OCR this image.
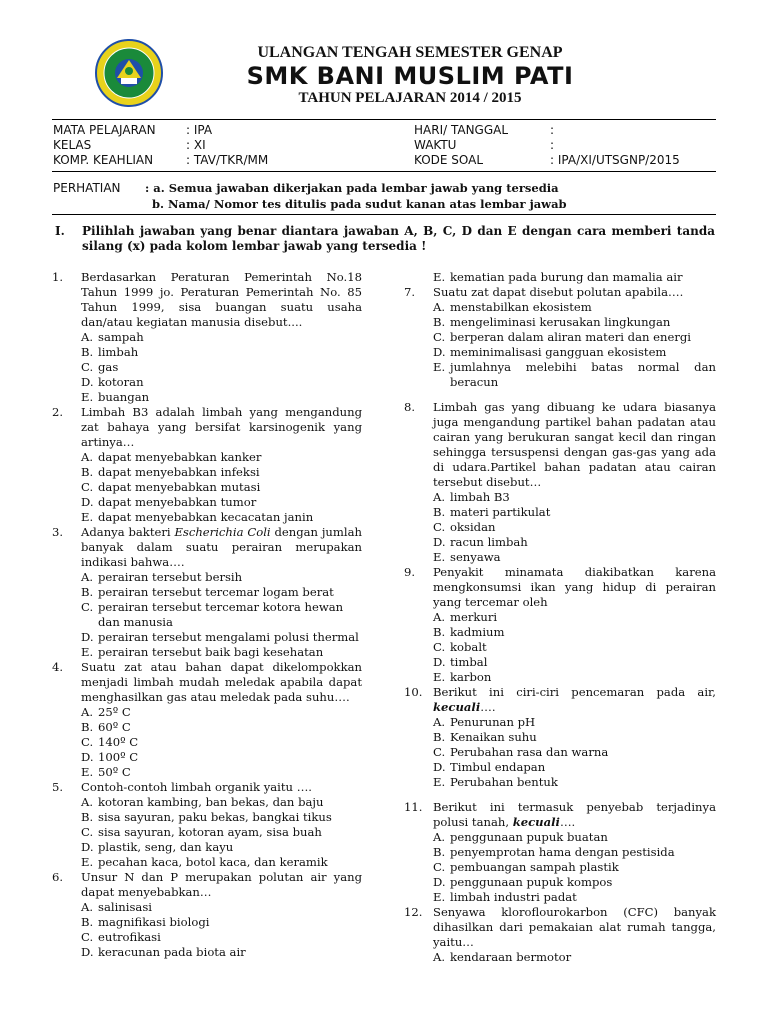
ULANGAN TENGAH SEMESTER GENAP
SMK BANI MUSLIM PATI
TAHUN PELAJARAN 2014 / 2015
MATA PELAJARAN	: IPA
KELAS	: XI
KOMP. KEAHLIAN	: TAV/TKR/MM
HARI/ TANGGAL	:
WAKTU	:
KODE SOAL	: IPA/XI/UTSGNP/2015
PERHATIAN : a. Semua jawaban dikerjakan pada lembar jawab yang tersedia
b. Nama/ Nomor tes ditulis pada sudut kanan atas lembar jawab
I. Pilihlah jawaban yang benar diantara jawaban A, B, C, D dan E dengan cara memberi tanda silang (x) pada kolom lembar jawab yang tersedia !
1. Berdasarkan Peraturan Pemerintah No.18 Tahun 1999 jo. Peraturan Pemerintah No. 85 Tahun 1999, sisa buangan suatu usaha dan/atau kegiatan manusia disebut....
A. sampah
B. limbah
C. gas
D. kotoran
E. buangan
2. Limbah B3 adalah limbah yang mengandung zat bahaya yang bersifat karsinogenik yang artinya…
A. dapat menyebabkan kanker
B. dapat menyebabkan infeksi
C. dapat menyebabkan mutasi
D. dapat menyebabkan tumor
E. dapat menyebabkan kecacatan janin
3. Adanya bakteri Escherichia Coli dengan jumlah banyak dalam suatu perairan merupakan indikasi bahwa….
A. perairan tersebut bersih
B. perairan tersebut tercemar logam berat
C. perairan tersebut tercemar kotora hewan dan manusia
D. perairan tersebut mengalami polusi thermal
E. perairan tersebut baik bagi kesehatan
4. Suatu zat atau bahan dapat dikelompokkan menjadi limbah mudah meledak apabila dapat menghasilkan gas atau meledak pada suhu….
A. 25º C
B. 60º C
C. 140º C
D. 100º C
E. 50º C
5. Contoh-contoh limbah organik yaitu ….
A. kotoran kambing, ban bekas, dan baju
B. sisa sayuran, paku bekas, bangkai tikus
C. sisa sayuran, kotoran ayam, sisa buah
D. plastik, seng, dan kayu
E. pecahan kaca, botol kaca, dan keramik
6. Unsur N dan P merupakan polutan air yang dapat menyebabkan…
A. salinisasi
B. magnifikasi biologi
C. eutrofikasi
D. keracunan pada biota air
E. kematian pada burung dan mamalia air
7. Suatu zat dapat disebut polutan apabila….
A. menstabilkan ekosistem
B. mengeliminasi kerusakan lingkungan
C. berperan dalam aliran materi dan energi
D. meminimalisasi gangguan ekosistem
E. jumlahnya melebihi batas normal dan beracun
8. Limbah gas yang dibuang ke udara biasanya juga mengandung partikel bahan padatan atau cairan yang berukuran sangat kecil dan ringan sehingga tersuspensi dengan gas-gas yang ada di udara.Partikel bahan padatan atau cairan tersebut disebut…
A. limbah B3
B. materi partikulat
C. oksidan
D. racun limbah
E. senyawa
9. Penyakit minamata diakibatkan karena mengkonsumsi ikan yang hidup di perairan yang tercemar oleh
A. merkuri
B. kadmium
C. kobalt
D. timbal
E. karbon
10. Berikut ini ciri-ciri pencemaran pada air, kecuali….
A. Penurunan pH
B. Kenaikan suhu
C. Perubahan rasa dan warna
D. Timbul endapan
E. Perubahan bentuk
11. Berikut ini termasuk penyebab terjadinya polusi tanah, kecuali….
A. penggunaan pupuk buatan
B. penyemprotan hama dengan pestisida
C. pembuangan sampah plastik
D. penggunaan pupuk kompos
E. limbah industri padat
12. Senyawa kloroflourokarbon (CFC) banyak dihasilkan dari pemakaian alat rumah tangga, yaitu…
A. kendaraan bermotor
